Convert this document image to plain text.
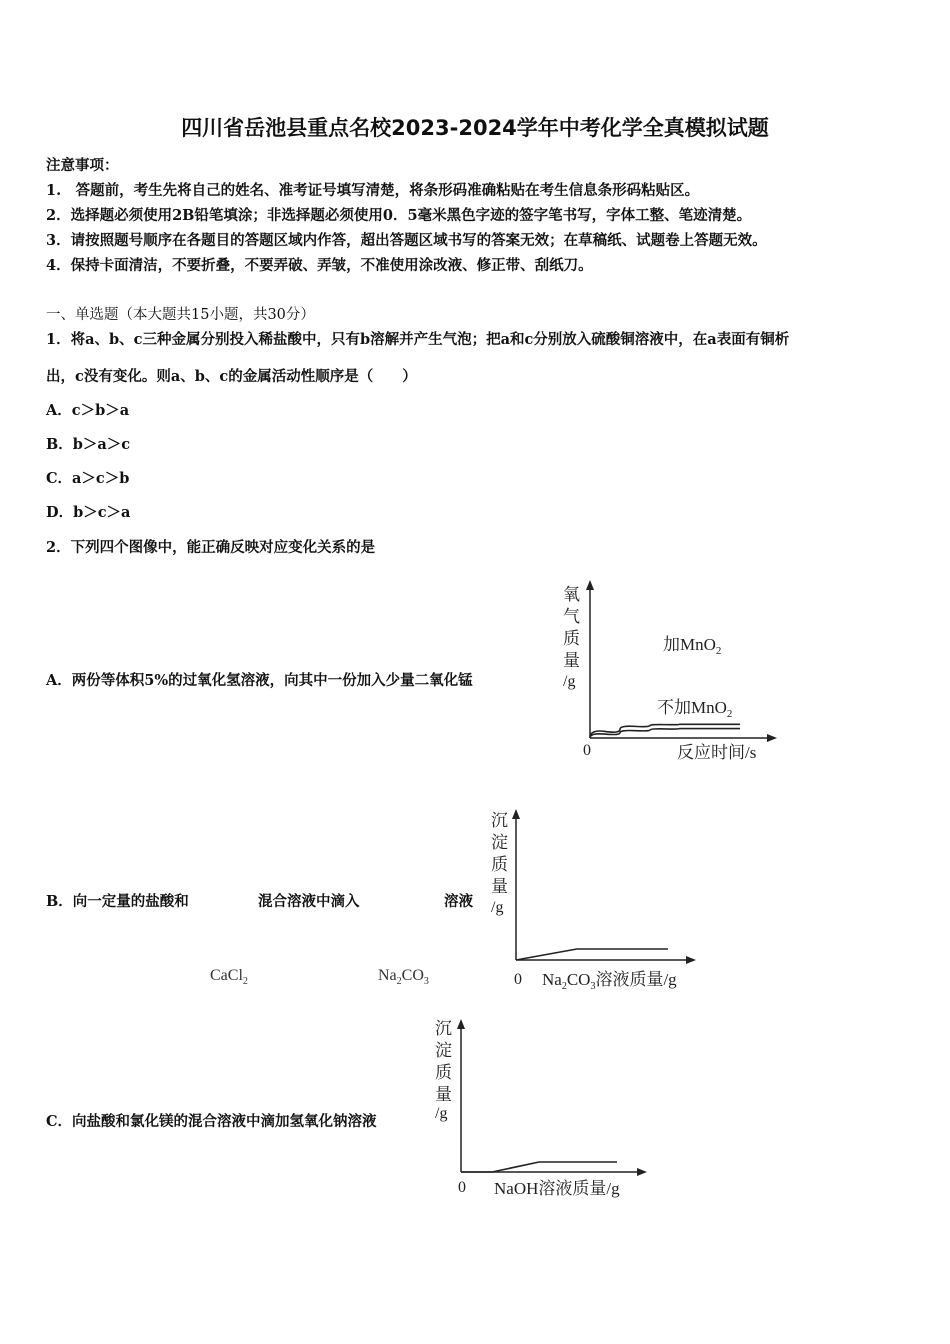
四川省岳池县重点名校2023-2024学年中考化学全真模拟试题
注意事项：
1.　答题前，考生先将自己的姓名、准考证号填写清楚，将条形码准确粘贴在考生信息条形码粘贴区。
2．选择题必须使用2B铅笔填涂；非选择题必须使用0．5毫米黑色字迹的签字笔书写，字体工整、笔迹清楚。
3．请按照题号顺序在各题目的答题区域内作答，超出答题区域书写的答案无效；在草稿纸、试题卷上答题无效。
4．保持卡面清洁，不要折叠，不要弄破、弄皱，不准使用涂改液、修正带、刮纸刀。
一、单选题（本大题共15小题，共30分）
1．将a、b、c三种金属分别投入稀盐酸中，只有b溶解并产生气泡；把a和c分别放入硫酸铜溶液中，在a表面有铜析
出，c没有变化。则a、b、c的金属活动性顺序是（　　）
A．c＞b＞a
B．b＞a＞c
C．a＞c＞b
D．b＞c＞a
2．下列四个图像中，能正确反映对应变化关系的是
A．两份等体积5%的过氧化氢溶液，向其中一份加入少量二氧化锰
氧
气
质
量
/g
0	反应时间/s
加MnO$_2$
不加MnO$_2$
B．向一定量的盐酸和	混合溶液中滴入	溶液
CaCl$_2$	$Na_2CO_3$
沉
淀
质
量
/g
0 $Na_2CO_3$溶液质量/g
C．向盐酸和氯化镁的混合溶液中滴加氢氧化钠溶液
沉
淀
质
量
/g
0 NaOH溶液质量/g
